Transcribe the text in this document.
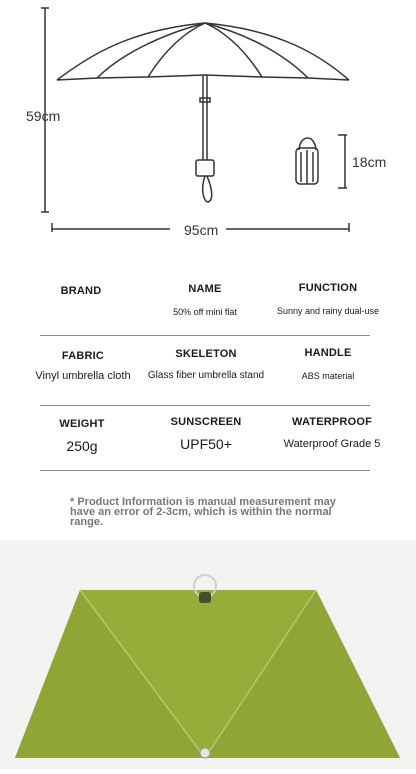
59cm
18cm
95cm
BRAND	NAME
50% off mini flat
FUNCTION
Sunny and rainy dual-use
FABRIC
Vinyl umbrella cloth
SKELETON
Glass fiber umbrella stand
HANDLE
ABS material
WEIGHT
250g
SUNSCREEN
UPF50+
WATERPROOF
Waterproof Grade 5
* Product Information is manual measurement may have an error of 2-3cm, which is within the normal range.
